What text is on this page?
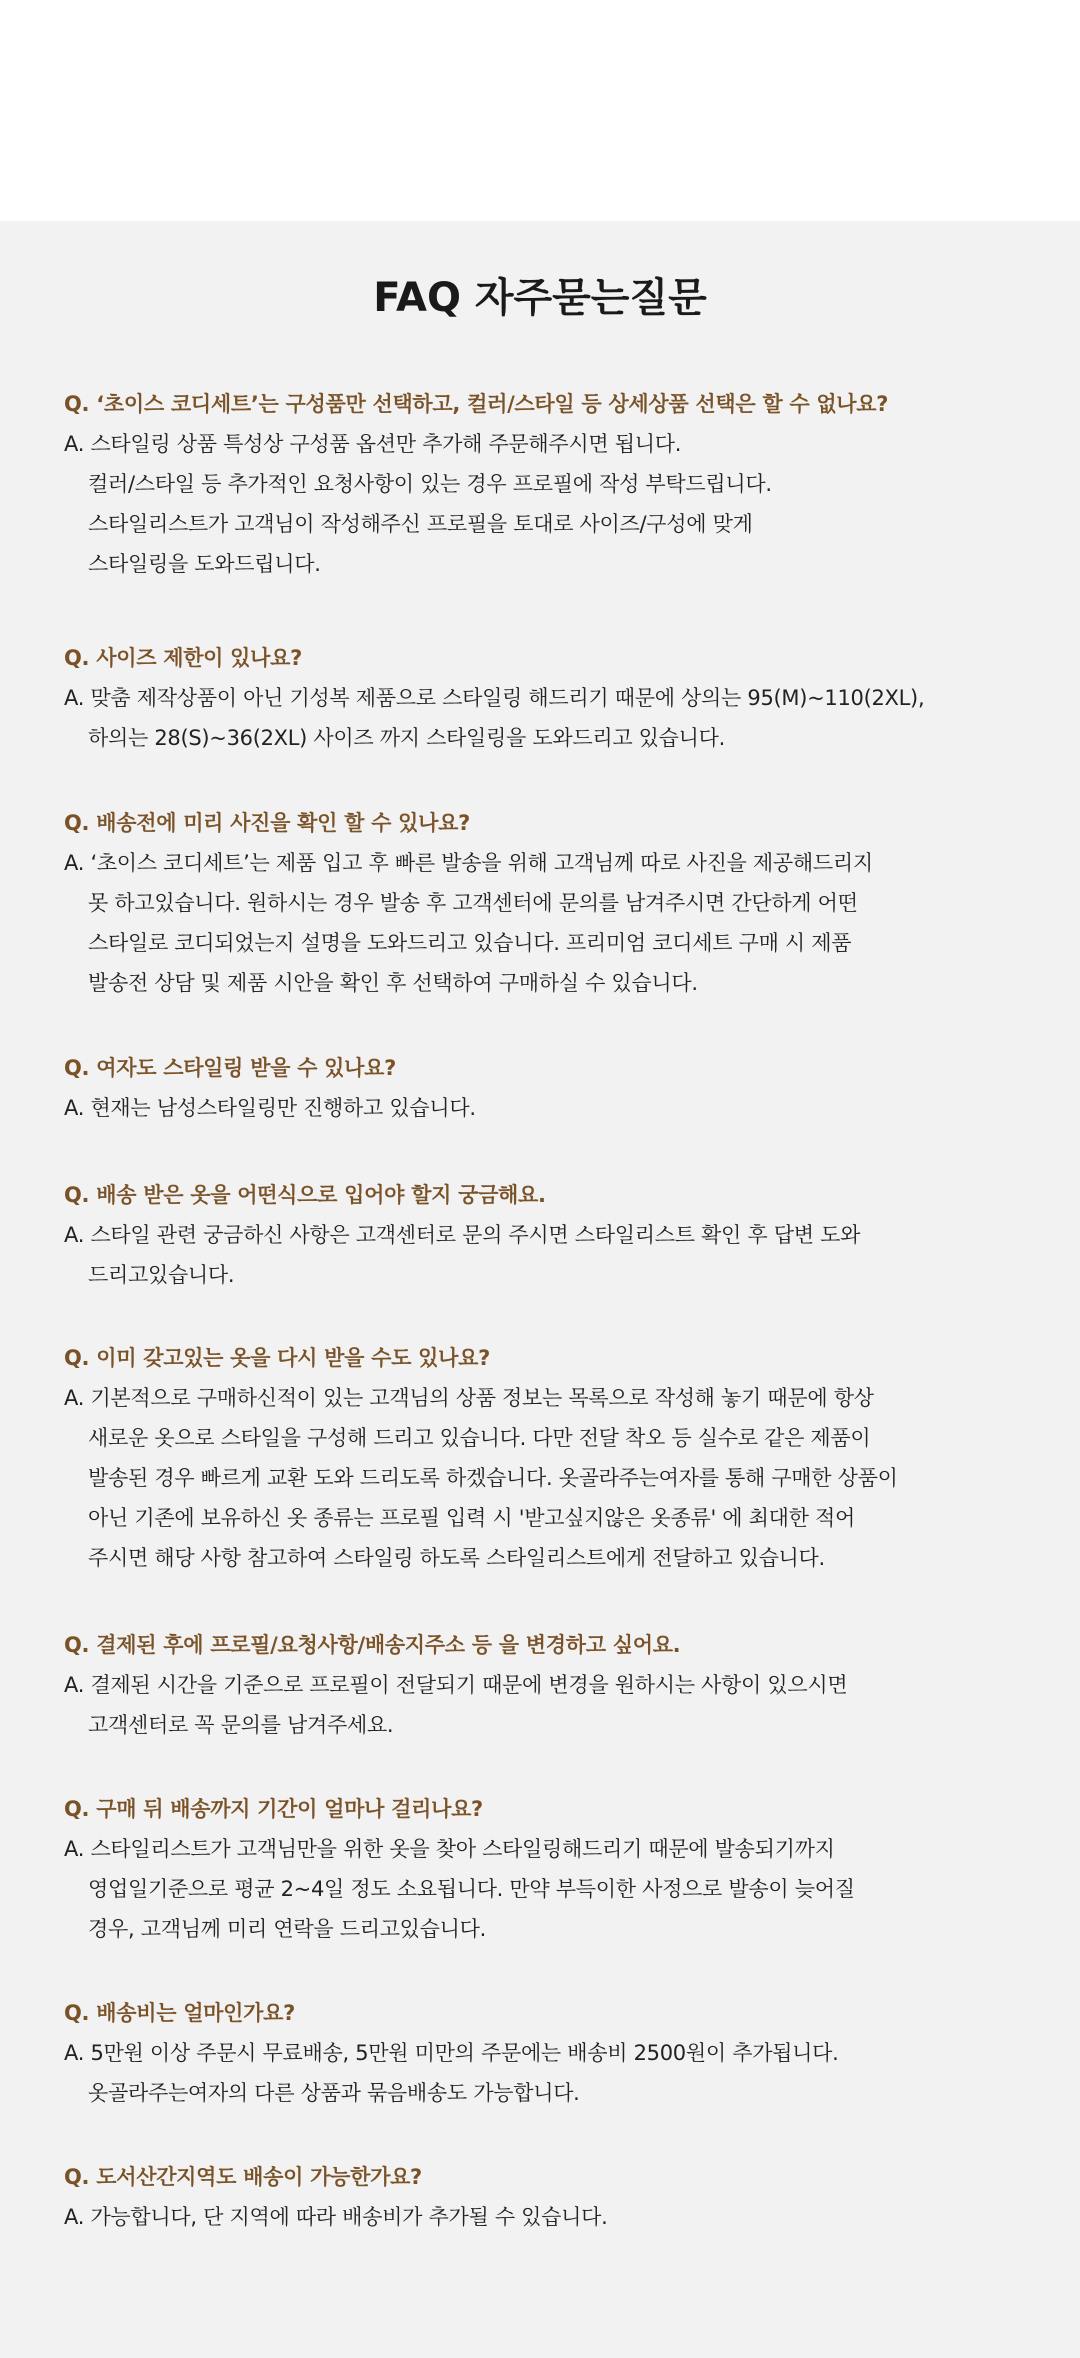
FAQ 자주묻는질문
Q. ‘초이스 코디세트’는 구성품만 선택하고, 컬러/스타일 등 상세상품 선택은 할 수 없나요?
A. 스타일링 상품 특성상 구성품 옵션만 추가해 주문해주시면 됩니다.
컬러/스타일 등 추가적인 요청사항이 있는 경우 프로필에 작성 부탁드립니다.
스타일리스트가 고객님이 작성해주신 프로필을 토대로 사이즈/구성에 맞게
스타일링을 도와드립니다.
Q. 사이즈 제한이 있나요?
A. 맞춤 제작상품이 아닌 기성복 제품으로 스타일링 해드리기 때문에 상의는 95(M)~110(2XL),
하의는 28(S)~36(2XL) 사이즈 까지 스타일링을 도와드리고 있습니다.
Q. 배송전에 미리 사진을 확인 할 수 있나요?
A. ‘초이스 코디세트’는 제품 입고 후 빠른 발송을 위해 고객님께 따로 사진을 제공해드리지
못 하고있습니다. 원하시는 경우 발송 후 고객센터에 문의를 남겨주시면 간단하게 어떤
스타일로 코디되었는지 설명을 도와드리고 있습니다. 프리미엄 코디세트 구매 시 제품
발송전 상담 및 제품 시안을 확인 후 선택하여 구매하실 수 있습니다.
Q. 여자도 스타일링 받을 수 있나요?
A. 현재는 남성스타일링만 진행하고 있습니다.
Q. 배송 받은 옷을 어떤식으로 입어야 할지 궁금해요.
A. 스타일 관련 궁금하신 사항은 고객센터로 문의 주시면 스타일리스트 확인 후 답변 도와
드리고있습니다.
Q. 이미 갖고있는 옷을 다시 받을 수도 있나요?
A. 기본적으로 구매하신적이 있는 고객님의 상품 정보는 목록으로 작성해 놓기 때문에 항상
새로운 옷으로 스타일을 구성해 드리고 있습니다. 다만 전달 착오 등 실수로 같은 제품이
발송된 경우 빠르게 교환 도와 드리도록 하겠습니다. 옷골라주는여자를 통해 구매한 상품이
아닌 기존에 보유하신 옷 종류는 프로필 입력 시 '받고싶지않은 옷종류' 에 최대한 적어
주시면 해당 사항 참고하여 스타일링 하도록 스타일리스트에게 전달하고 있습니다.
Q. 결제된 후에 프로필/요청사항/배송지주소 등 을 변경하고 싶어요.
A. 결제된 시간을 기준으로 프로필이 전달되기 때문에 변경을 원하시는 사항이 있으시면
고객센터로 꼭 문의를 남겨주세요.
Q. 구매 뒤 배송까지 기간이 얼마나 걸리나요?
A. 스타일리스트가 고객님만을 위한 옷을 찾아 스타일링해드리기 때문에 발송되기까지
영업일기준으로 평균 2~4일 정도 소요됩니다. 만약 부득이한 사정으로 발송이 늦어질
경우, 고객님께 미리 연락을 드리고있습니다.
Q. 배송비는 얼마인가요?
A. 5만원 이상 주문시 무료배송, 5만원 미만의 주문에는 배송비 2500원이 추가됩니다.
옷골라주는여자의 다른 상품과 묶음배송도 가능합니다.
Q. 도서산간지역도 배송이 가능한가요?
A. 가능합니다, 단 지역에 따라 배송비가 추가될 수 있습니다.
